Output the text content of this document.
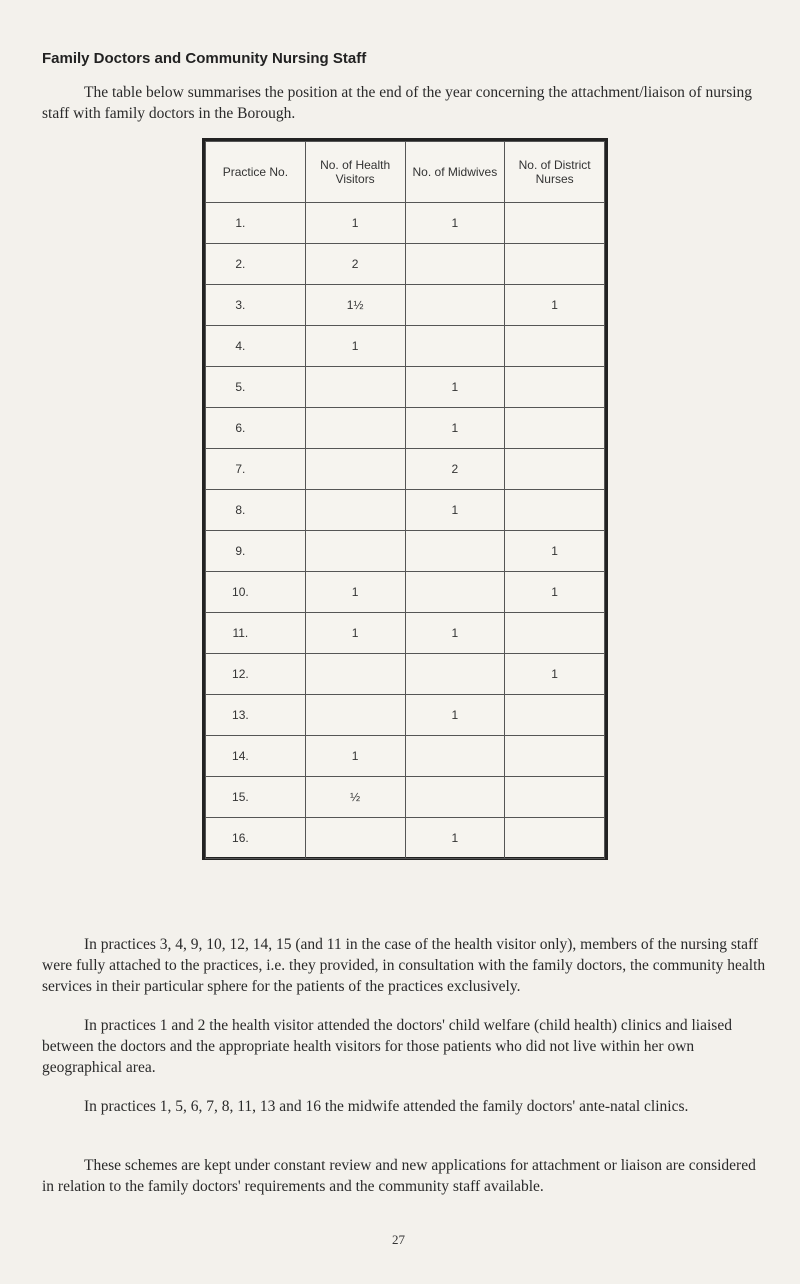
Family Doctors and Community Nursing Staff
The table below summarises the position at the end of the year concerning the attachment/liaison of nursing staff with family doctors in the Borough.
Practice No.	No. of Health Visitors	No. of Midwives	No. of District Nurses
1.	1	1	
2.	2		
3.	1½		1
4.	1		
5.		1	
6.		1	
7.		2	
8.		1	
9.			1
10.	1		1
11.	1	1	
12.			1
13.		1	
14.	1		
15.	½		
16.		1	
In practices 3, 4, 9, 10, 12, 14, 15 (and 11 in the case of the health visitor only), members of the nursing staff were fully attached to the practices, i.e. they provided, in consultation with the family doctors, the community health services in their particular sphere for the patients of the practices exclusively.
In practices 1 and 2 the health visitor attended the doctors' child welfare (child health) clinics and liaised between the doctors and the appropriate health visitors for those patients who did not live within her own geographical area.
In practices 1, 5, 6, 7, 8, 11, 13 and 16 the midwife attended the family doctors' ante-natal clinics.
These schemes are kept under constant review and new applications for attachment or liaison are considered in relation to the family doctors' requirements and the community staff available.
27
